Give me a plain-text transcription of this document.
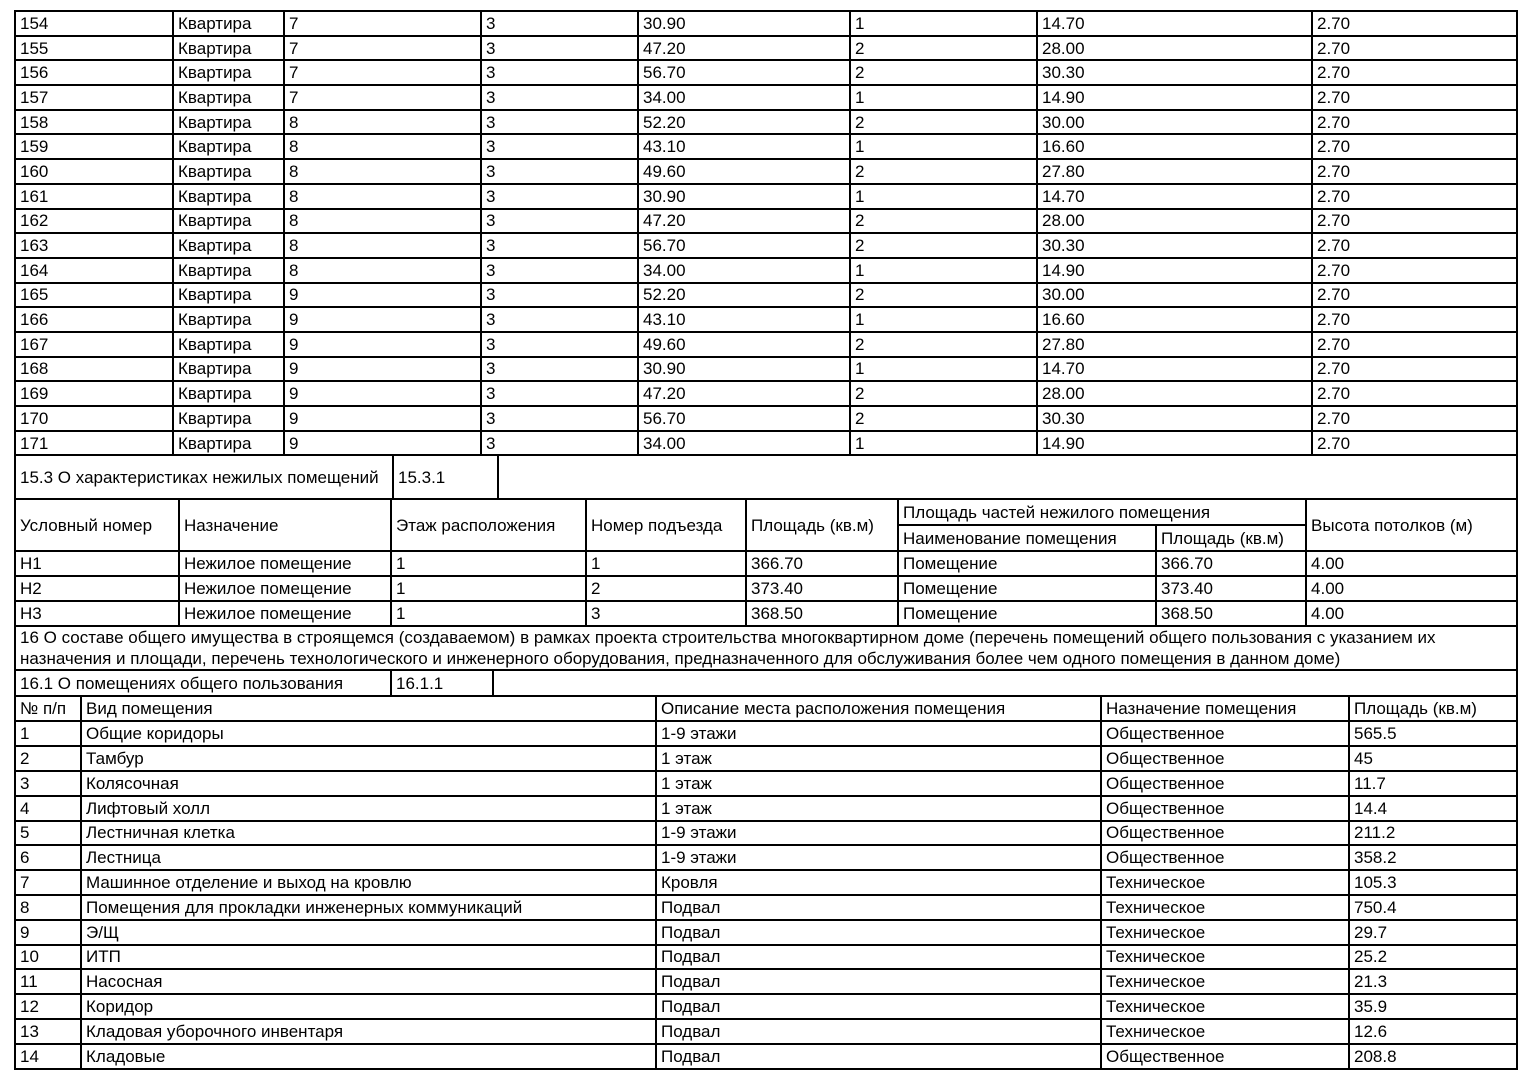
154	Квартира	7	3	30.90	1	14.70	2.70
155	Квартира	7	3	47.20	2	28.00	2.70
156	Квартира	7	3	56.70	2	30.30	2.70
157	Квартира	7	3	34.00	1	14.90	2.70
158	Квартира	8	3	52.20	2	30.00	2.70
159	Квартира	8	3	43.10	1	16.60	2.70
160	Квартира	8	3	49.60	2	27.80	2.70
161	Квартира	8	3	30.90	1	14.70	2.70
162	Квартира	8	3	47.20	2	28.00	2.70
163	Квартира	8	3	56.70	2	30.30	2.70
164	Квартира	8	3	34.00	1	14.90	2.70
165	Квартира	9	3	52.20	2	30.00	2.70
166	Квартира	9	3	43.10	1	16.60	2.70
167	Квартира	9	3	49.60	2	27.80	2.70
168	Квартира	9	3	30.90	1	14.70	2.70
169	Квартира	9	3	47.20	2	28.00	2.70
170	Квартира	9	3	56.70	2	30.30	2.70
171	Квартира	9	3	34.00	1	14.90	2.70
15.3 О характеристиках нежилых помещений	15.3.1	
Условный номер	Назначение	Этаж расположения	Номер подъезда	Площадь (кв.м)	Площадь частей нежилого помещения		Высота потолков (м)
					Наименование помещения	Площадь (кв.м)	
Н1	Нежилое помещение	1	1	366.70	Помещение	366.70	4.00
Н2	Нежилое помещение	1	2	373.40	Помещение	373.40	4.00
Н3	Нежилое помещение	1	3	368.50	Помещение	368.50	4.00
16 О составе общего имущества в строящемся (создаваемом) в рамках проекта строительства многоквартирном доме (перечень помещений общего пользования с указанием их назначения и площади, перечень технологического и инженерного оборудования, предназначенного для обслуживания более чем одного помещения в данном доме)
16.1 О помещениях общего пользования	16.1.1	
№ п/п	Вид помещения	Описание места расположения помещения	Назначение помещения	Площадь (кв.м)
1	Общие коридоры	1-9 этажи	Общественное	565.5
2	Тамбур	1 этаж	Общественное	45
3	Колясочная	1 этаж	Общественное	11.7
4	Лифтовый холл	1 этаж	Общественное	14.4
5	Лестничная клетка	1-9 этажи	Общественное	211.2
6	Лестница	1-9 этажи	Общественное	358.2
7	Машинное отделение и выход на кровлю	Кровля	Техническое	105.3
8	Помещения для прокладки инженерных коммуникаций	Подвал	Техническое	750.4
9	Э/Щ	Подвал	Техническое	29.7
10	ИТП	Подвал	Техническое	25.2
11	Насосная	Подвал	Техническое	21.3
12	Коридор	Подвал	Техническое	35.9
13	Кладовая уборочного инвентаря	Подвал	Техническое	12.6
14	Кладовые	Подвал	Общественное	208.8
